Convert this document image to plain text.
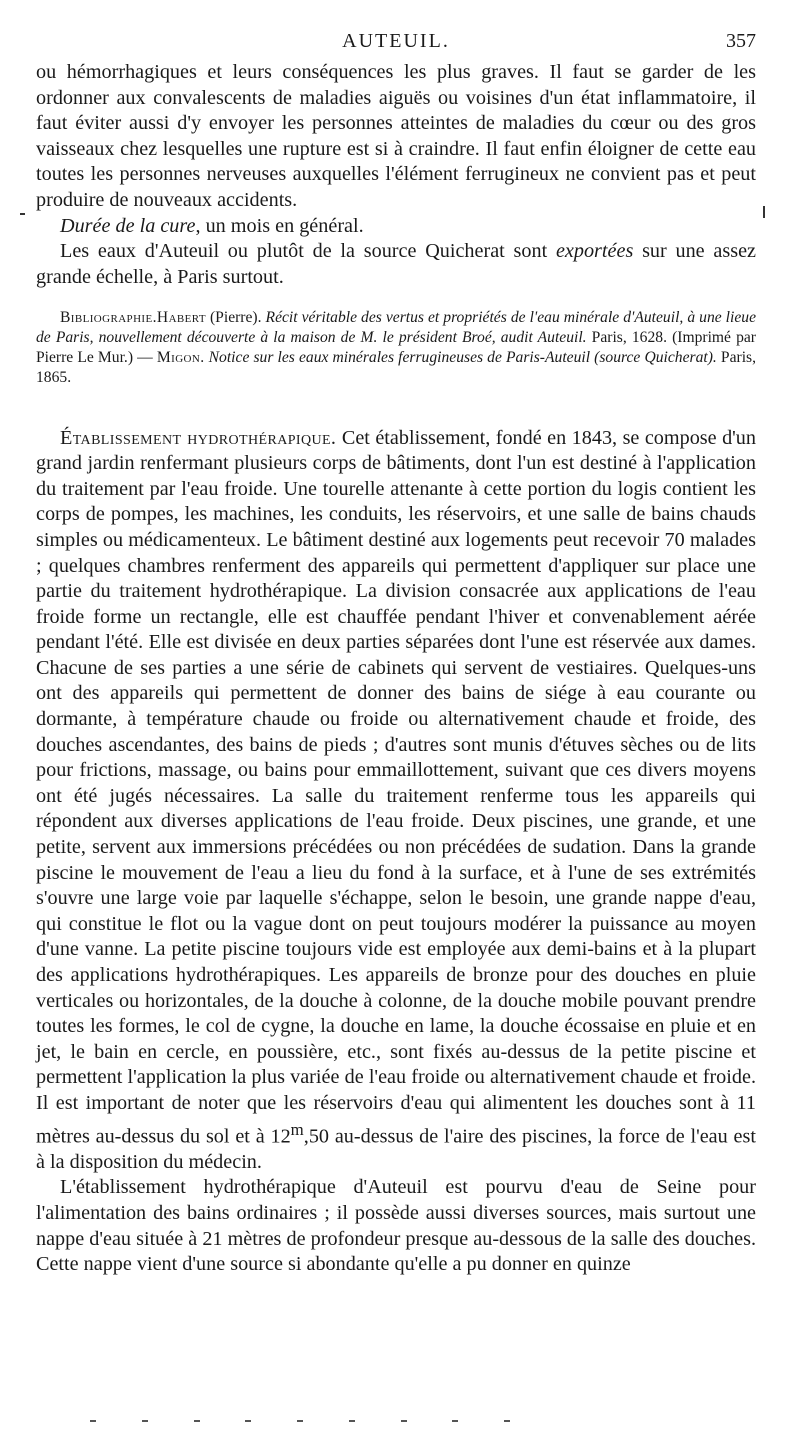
AUTEUIL.	357

ou hémorrhagiques et leurs conséquences les plus graves. Il faut se garder de les ordonner aux convalescents de maladies aiguës ou voisines d'un état inflammatoire, il faut éviter aussi d'y envoyer les personnes atteintes de maladies du cœur ou des gros vaisseaux chez lesquelles une rupture est si à craindre. Il faut enfin éloigner de cette eau toutes les personnes nerveuses auxquelles l'élément ferrugineux ne convient pas et peut produire de nouveaux accidents.

Durée de la cure, un mois en général.

Les eaux d'Auteuil ou plutôt de la source Quicherat sont exportées sur une assez grande échelle, à Paris surtout.

Bibliographie.Habert (Pierre). Récit véritable des vertus et propriétés de l'eau minérale d'Auteuil, à une lieue de Paris, nouvellement découverte à la maison de M. le président Broé, audit Auteuil. Paris, 1628. (Imprimé par Pierre Le Mur.) — Migon. Notice sur les eaux minérales ferrugineuses de Paris-Auteuil (source Quicherat). Paris, 1865.

Établissement hydrothérapique. Cet établissement, fondé en 1843, se compose d'un grand jardin renfermant plusieurs corps de bâtiments, dont l'un est destiné à l'application du traitement par l'eau froide. Une tourelle attenante à cette portion du logis contient les corps de pompes, les machines, les conduits, les réservoirs, et une salle de bains chauds simples ou médicamenteux. Le bâtiment destiné aux logements peut recevoir 70 malades ; quelques chambres renferment des appareils qui permettent d'appliquer sur place une partie du traitement hydrothérapique. La division consacrée aux applications de l'eau froide forme un rectangle, elle est chauffée pendant l'hiver et convenablement aérée pendant l'été. Elle est divisée en deux parties séparées dont l'une est réservée aux dames. Chacune de ses parties a une série de cabinets qui servent de vestiaires. Quelques-uns ont des appareils qui permettent de donner des bains de siége à eau courante ou dormante, à température chaude ou froide ou alternativement chaude et froide, des douches ascendantes, des bains de pieds ; d'autres sont munis d'étuves sèches ou de lits pour frictions, massage, ou bains pour emmaillottement, suivant que ces divers moyens ont été jugés nécessaires. La salle du traitement renferme tous les appareils qui répondent aux diverses applications de l'eau froide. Deux piscines, une grande, et une petite, servent aux immersions précédées ou non précédées de sudation. Dans la grande piscine le mouvement de l'eau a lieu du fond à la surface, et à l'une de ses extrémités s'ouvre une large voie par laquelle s'échappe, selon le besoin, une grande nappe d'eau, qui constitue le flot ou la vague dont on peut toujours modérer la puissance au moyen d'une vanne. La petite piscine toujours vide est employée aux demi-bains et à la plupart des applications hydrothérapiques. Les appareils de bronze pour des douches en pluie verticales ou horizontales, de la douche à colonne, de la douche mobile pouvant prendre toutes les formes, le col de cygne, la douche en lame, la douche écossaise en pluie et en jet, le bain en cercle, en poussière, etc., sont fixés au-dessus de la petite piscine et permettent l'application la plus variée de l'eau froide ou alternativement chaude et froide. Il est important de noter que les réservoirs d'eau qui alimentent les douches sont à 11 mètres au-dessus du sol et à 12$^m$,50 au-dessus de l'aire des piscines, la force de l'eau est à la disposition du médecin.

L'établissement hydrothérapique d'Auteuil est pourvu d'eau de Seine pour l'alimentation des bains ordinaires ; il possède aussi diverses sources, mais surtout une nappe d'eau située à 21 mètres de profondeur presque au-dessous de la salle des douches. Cette nappe vient d'une source si abondante qu'elle a pu donner en quinze
